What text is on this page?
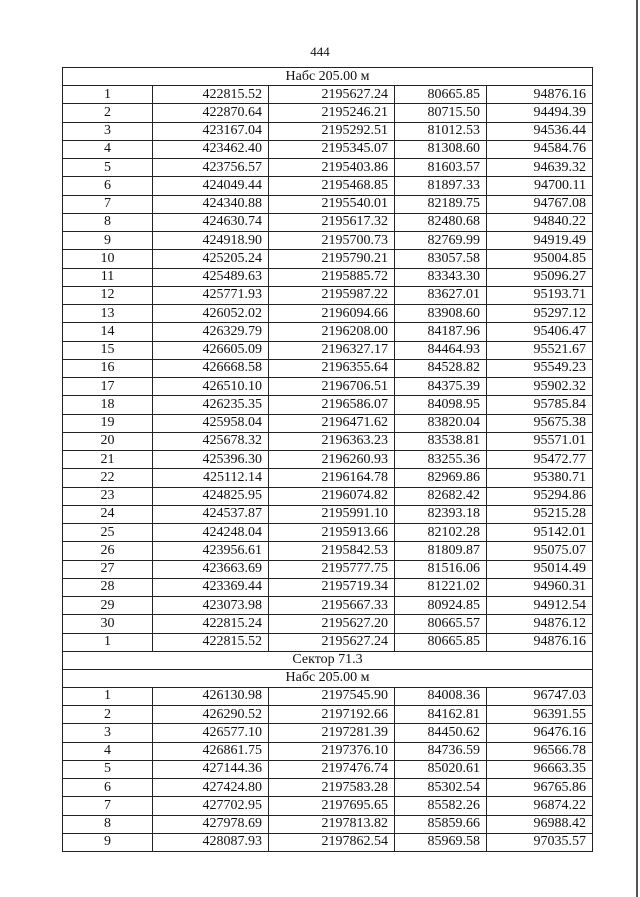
444
Набс 205.00 м				
1	422815.52	2195627.24	80665.85	94876.16
2	422870.64	2195246.21	80715.50	94494.39
3	423167.04	2195292.51	81012.53	94536.44
4	423462.40	2195345.07	81308.60	94584.76
5	423756.57	2195403.86	81603.57	94639.32
6	424049.44	2195468.85	81897.33	94700.11
7	424340.88	2195540.01	82189.75	94767.08
8	424630.74	2195617.32	82480.68	94840.22
9	424918.90	2195700.73	82769.99	94919.49
10	425205.24	2195790.21	83057.58	95004.85
11	425489.63	2195885.72	83343.30	95096.27
12	425771.93	2195987.22	83627.01	95193.71
13	426052.02	2196094.66	83908.60	95297.12
14	426329.79	2196208.00	84187.96	95406.47
15	426605.09	2196327.17	84464.93	95521.67
16	426668.58	2196355.64	84528.82	95549.23
17	426510.10	2196706.51	84375.39	95902.32
18	426235.35	2196586.07	84098.95	95785.84
19	425958.04	2196471.62	83820.04	95675.38
20	425678.32	2196363.23	83538.81	95571.01
21	425396.30	2196260.93	83255.36	95472.77
22	425112.14	2196164.78	82969.86	95380.71
23	424825.95	2196074.82	82682.42	95294.86
24	424537.87	2195991.10	82393.18	95215.28
25	424248.04	2195913.66	82102.28	95142.01
26	423956.61	2195842.53	81809.87	95075.07
27	423663.69	2195777.75	81516.06	95014.49
28	423369.44	2195719.34	81221.02	94960.31
29	423073.98	2195667.33	80924.85	94912.54
30	422815.24	2195627.20	80665.57	94876.12
1	422815.52	2195627.24	80665.85	94876.16
Сектор 71.3				
Набс 205.00 м				
1	426130.98	2197545.90	84008.36	96747.03
2	426290.52	2197192.66	84162.81	96391.55
3	426577.10	2197281.39	84450.62	96476.16
4	426861.75	2197376.10	84736.59	96566.78
5	427144.36	2197476.74	85020.61	96663.35
6	427424.80	2197583.28	85302.54	96765.86
7	427702.95	2197695.65	85582.26	96874.22
8	427978.69	2197813.82	85859.66	96988.42
9	428087.93	2197862.54	85969.58	97035.57
